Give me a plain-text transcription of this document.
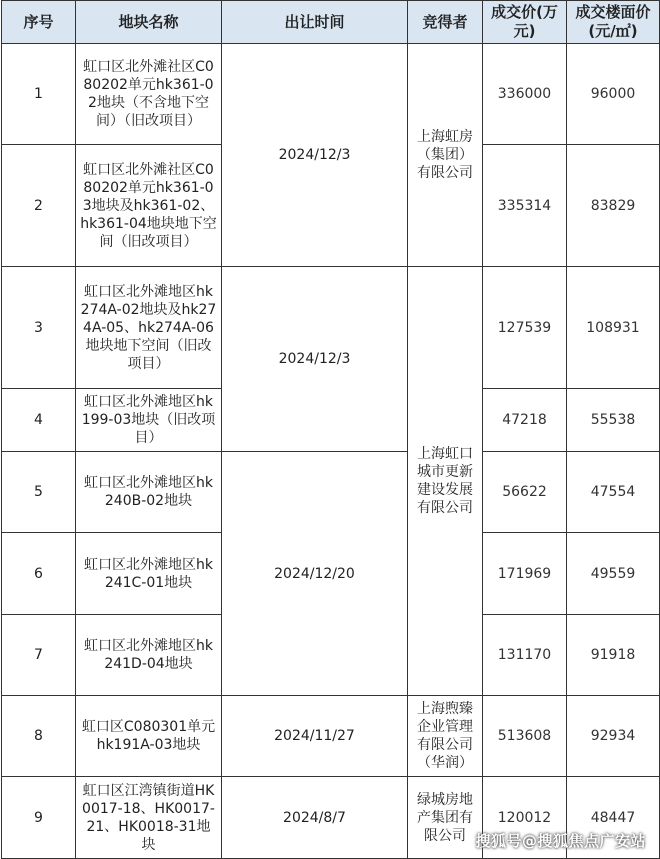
序号	地块名称	出让时间	竞得者	成交价(万元)	成交楼面价(元/㎡)
1	虹口区北外滩社区C080202单元hk361-02地块（不含地下空间）（旧改项目）	2024/12/3	上海虹房（集团）有限公司	336000	96000
2	虹口区北外滩社区C080202单元hk361-03地块及hk361-02、hk361-04地块地下空间（旧改项目）			335314	83829
3	虹口区北外滩地区hk274A-02地块及hk274A-05、hk274A-06地块地下空间（旧改项目）	2024/12/3	上海虹口城市更新建设发展有限公司	127539	108931
4	虹口区北外滩地区hk199-03地块（旧改项目）			47218	55538
5	虹口区北外滩地区hk240B-02地块	2024/12/20		56622	47554
6	虹口区北外滩地区hk241C-01地块			171969	49559
7	虹口区北外滩地区hk241D-04地块			131170	91918
8	虹口区C080301单元hk191A-03地块	2024/11/27	上海煦臻企业管理有限公司（华润）	513608	92934
9	虹口区江湾镇街道HK0017-18、HK0017-21、HK0018-31地块	2024/8/7	绿城房地产集团有限公司	120012	48447
搜狐号@搜狐焦点广安站
